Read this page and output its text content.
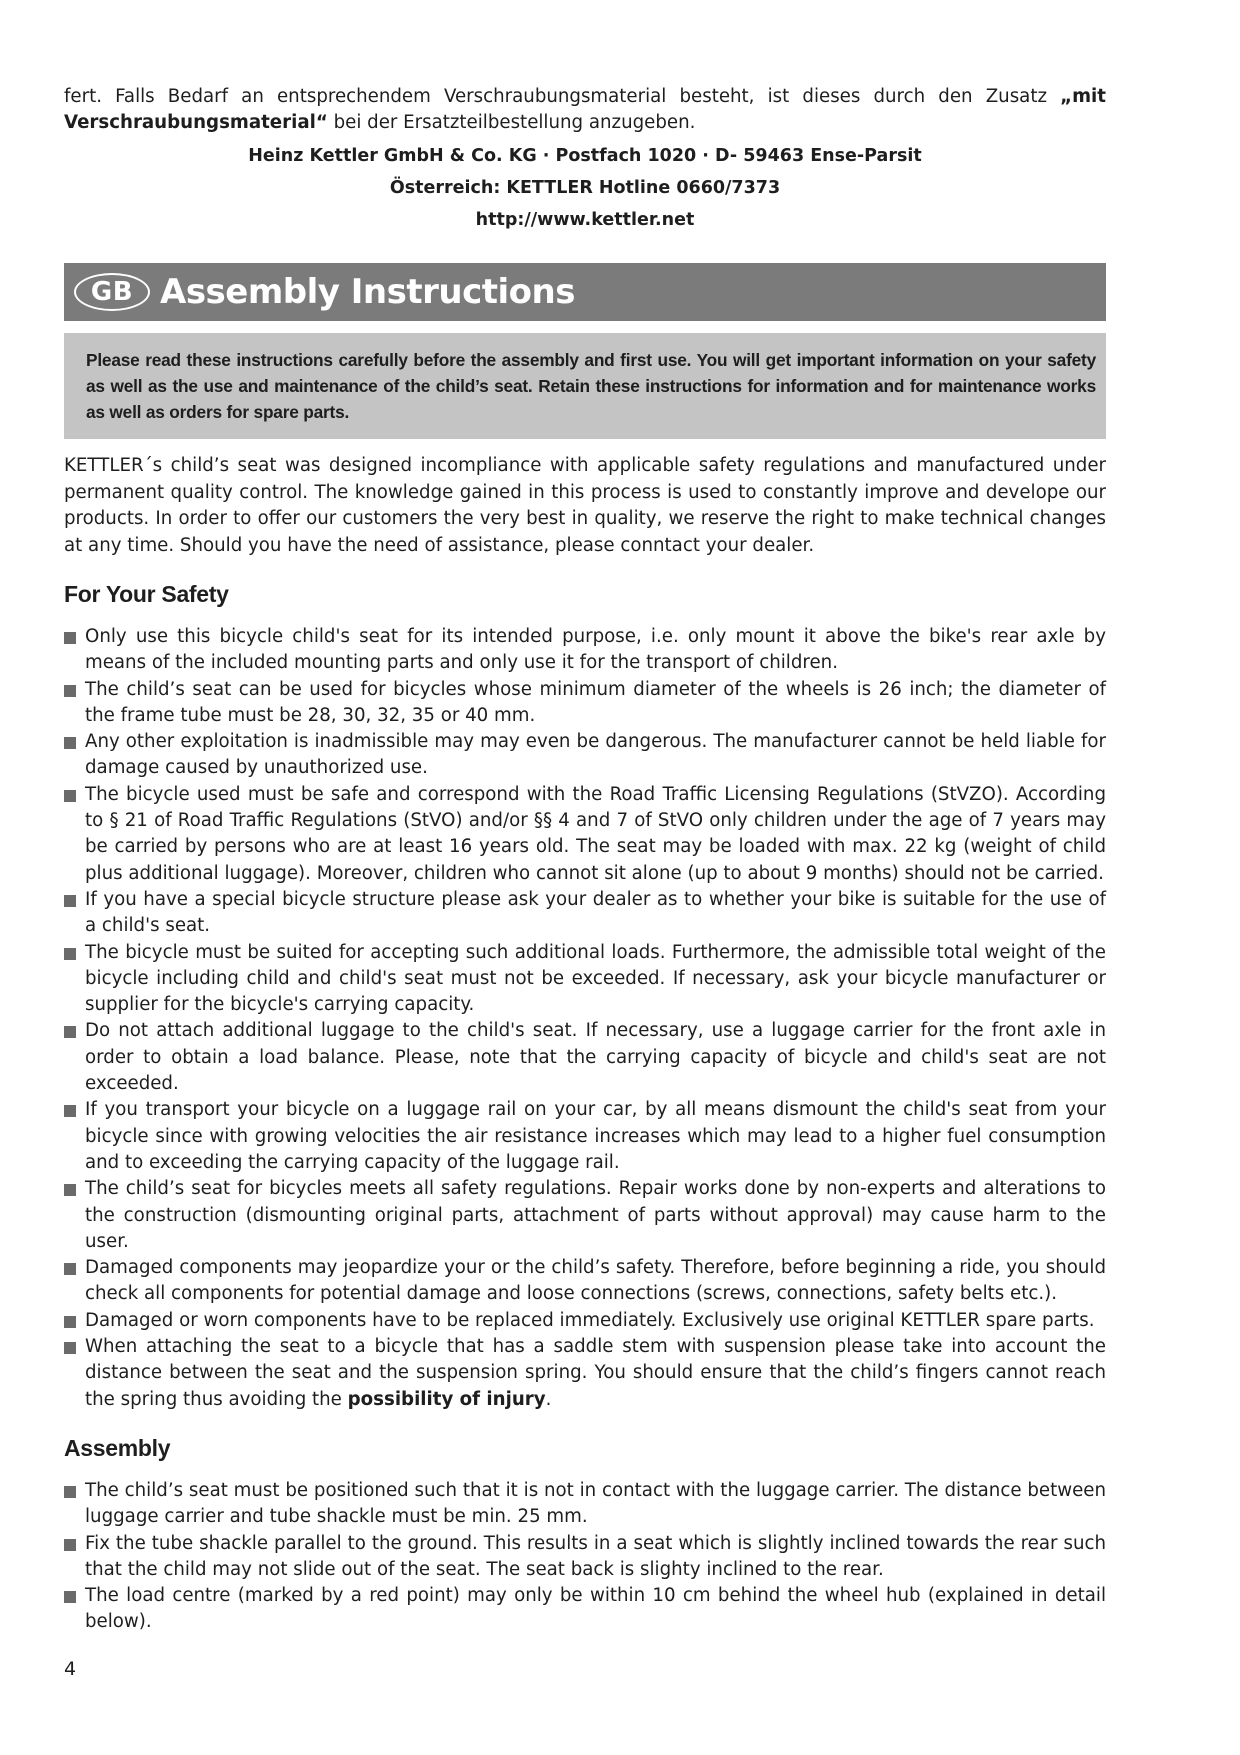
fert. Falls Bedarf an entsprechendem Verschraubungsmaterial besteht, ist dieses durch den Zusatz „mit Verschraubungsmaterial“ bei der Ersatzteilbestellung anzugeben.

Heinz Kettler GmbH & Co. KG · Postfach 1020 · D- 59463 Ense-Parsit

Österreich: KETTLER Hotline 0660/7373

http://www.kettler.net

GB Assembly Instructions
Please read these instructions carefully before the assembly and first use. You will get important information on your safety as well as the use and maintenance of the child’s seat. Retain these instructions for information and for maintenance works as well as orders for spare parts.
KETTLER´s child’s seat was designed incompliance with applicable safety regulations and manufactured under permanent quality control. The knowledge gained in this process is used to constantly improve and develope our products. In order to offer our customers the very best in quality, we reserve the right to make technical changes at any time. Should you have the need of assistance, please conntact your dealer.
For Your Safety
Only use this bicycle child's seat for its intended purpose, i.e. only mount it above the bike's rear axle by means of the included mounting parts and only use it for the transport of children.
The child’s seat can be used for bicycles whose minimum diameter of the wheels is 26 inch; the diameter of the frame tube must be 28, 30, 32, 35 or 40 mm.
Any other exploitation is inadmissible may may even be dangerous. The manufacturer cannot be held liable for damage caused by unauthorized use.
The bicycle used must be safe and correspond with the Road Traffic Licensing Regulations (StVZO). According to § 21 of Road Traffic Regulations (StVO) and/or §§ 4 and 7 of StVO only children under the age of 7 years may be carried by persons who are at least 16 years old. The seat may be loaded with max. 22 kg (weight of child plus additional luggage). Moreover, children who cannot sit alone (up to about 9 months) should not be carried.
If you have a special bicycle structure please ask your dealer as to whether your bike is suitable for the use of a child's seat.
The bicycle must be suited for accepting such additional loads. Furthermore, the admissible total weight of the bicycle including child and child's seat must not be exceeded. If necessary, ask your bicycle manufacturer or supplier for the bicycle's carrying capacity.
Do not attach additional luggage to the child's seat. If necessary, use a luggage carrier for the front axle in order to obtain a load balance. Please, note that the carrying capacity of bicycle and child's seat are not exceeded.
If you transport your bicycle on a luggage rail on your car, by all means dismount the child's seat from your bicycle since with growing velocities the air resistance increases which may lead to a higher fuel consumption and to exceeding the carrying capacity of the luggage rail.
The child’s seat for bicycles meets all safety regulations. Repair works done by non-experts and alterations to the construction (dismounting original parts, attachment of parts without approval) may cause harm to the user.
Damaged components may jeopardize your or the child’s safety. Therefore, before beginning a ride, you should check all components for potential damage and loose connections (screws, connections, safety belts etc.).
Damaged or worn components have to be replaced immediately. Exclusively use original KETTLER spare parts.
When attaching the seat to a bicycle that has a saddle stem with suspension please take into account the distance between the seat and the suspension spring. You should ensure that the child’s fingers cannot reach the spring thus avoiding the possibility of injury.
Assembly
The child’s seat must be positioned such that it is not in contact with the luggage carrier. The distance between luggage carrier and tube shackle must be min. 25 mm.
Fix the tube shackle parallel to the ground. This results in a seat which is slightly inclined towards the rear such that the child may not slide out of the seat. The seat back is slighty inclined to the rear.
The load centre (marked by a red point) may only be within 10 cm behind the wheel hub (explained in detail below).
4
